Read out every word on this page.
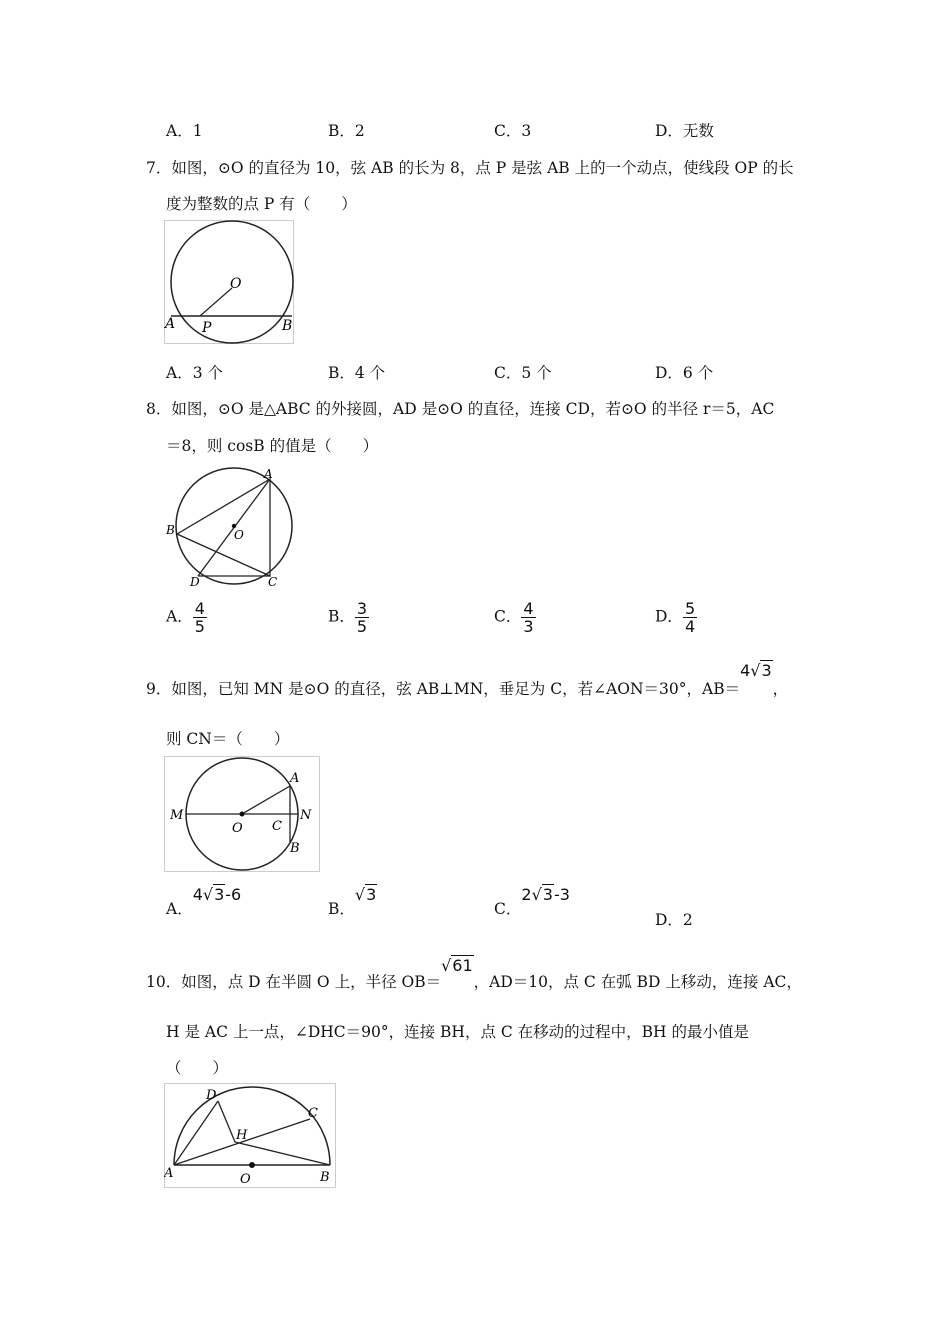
A．1	B．2	C．3	D．无数
7．如图，⊙O 的直径为 10，弦 AB 的长为 8，点 P 是弦 AB 上的一个动点，使线段 OP 的长
度为整数的点 P 有（　　）
O
A P	B
A．3 个	B．4 个	C．5 个	D．6 个
8．如图，⊙O 是△ABC 的外接圆，AD 是⊙O 的直径，连接 CD，若⊙O 的半径 r＝5，AC
＝8，则 cosB 的值是（　　）
A
B	O
D	C
A． $\frac{4}{5}$	B． $\frac{3}{5}$	C． $\frac{4}{3}$	D． $\frac{5}{4}$
9．如图，已知 MN 是⊙O 的直径，弦 AB⊥MN，垂足为 C，若∠AON＝30°，AB＝4√3，
则 CN＝（　　）
M
O C
N
A
B
A．4√3-6
B．√3
C．2√3-3
D．2
10．如图，点 D 在半圆 O 上，半径 OB＝√61，AD＝10，点 C 在弧 BD 上移动，连接 AC，
H 是 AC 上一点，∠DHC＝90°，连接 BH，点 C 在移动的过程中，BH 的最小值是
（　　）
D
H
C
A	O	B
